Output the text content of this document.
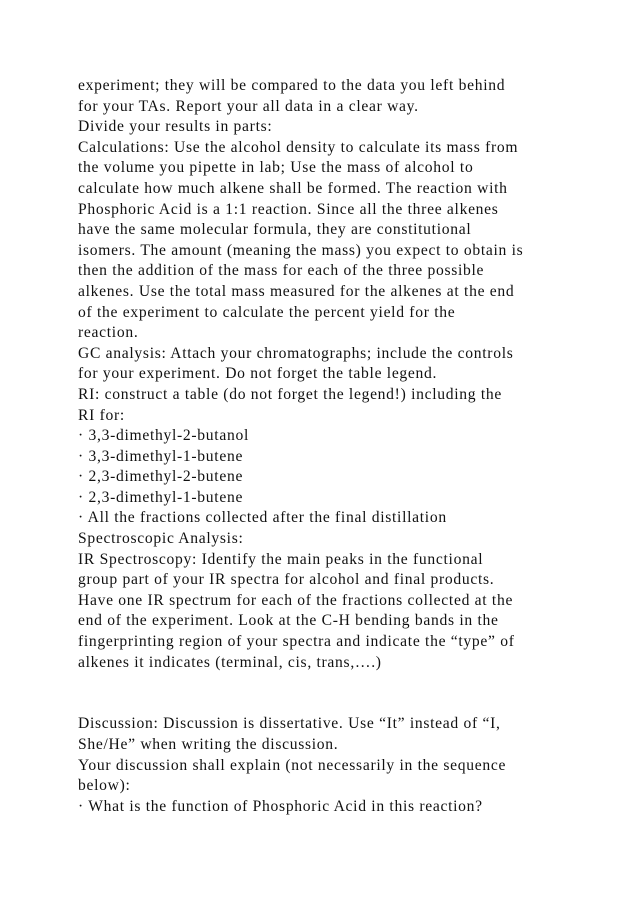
experiment; they will be compared to the data you left behind
for your TAs. Report your all data in a clear way.
Divide your results in parts:
Calculations: Use the alcohol density to calculate its mass from
the volume you pipette in lab; Use the mass of alcohol to
calculate how much alkene shall be formed. The reaction with
Phosphoric Acid is a 1:1 reaction. Since all the three alkenes
have the same molecular formula, they are constitutional
isomers. The amount (meaning the mass) you expect to obtain is
then the addition of the mass for each of the three possible
alkenes. Use the total mass measured for the alkenes at the end
of the experiment to calculate the percent yield for the
reaction.
GC analysis: Attach your chromatographs; include the controls
for your experiment. Do not forget the table legend.
RI: construct a table (do not forget the legend!) including the
RI for:
· 3,3-dimethyl-2-butanol
· 3,3-dimethyl-1-butene
· 2,3-dimethyl-2-butene
· 2,3-dimethyl-1-butene
· All the fractions collected after the final distillation
Spectroscopic Analysis:
IR Spectroscopy: Identify the main peaks in the functional
group part of your IR spectra for alcohol and final products.
Have one IR spectrum for each of the fractions collected at the
end of the experiment. Look at the C-H bending bands in the
fingerprinting region of your spectra and indicate the “type” of
alkenes it indicates (terminal, cis, trans,….)
Discussion: Discussion is dissertative. Use “It” instead of “I,
She/He” when writing the discussion.
Your discussion shall explain (not necessarily in the sequence
below):
· What is the function of Phosphoric Acid in this reaction?
